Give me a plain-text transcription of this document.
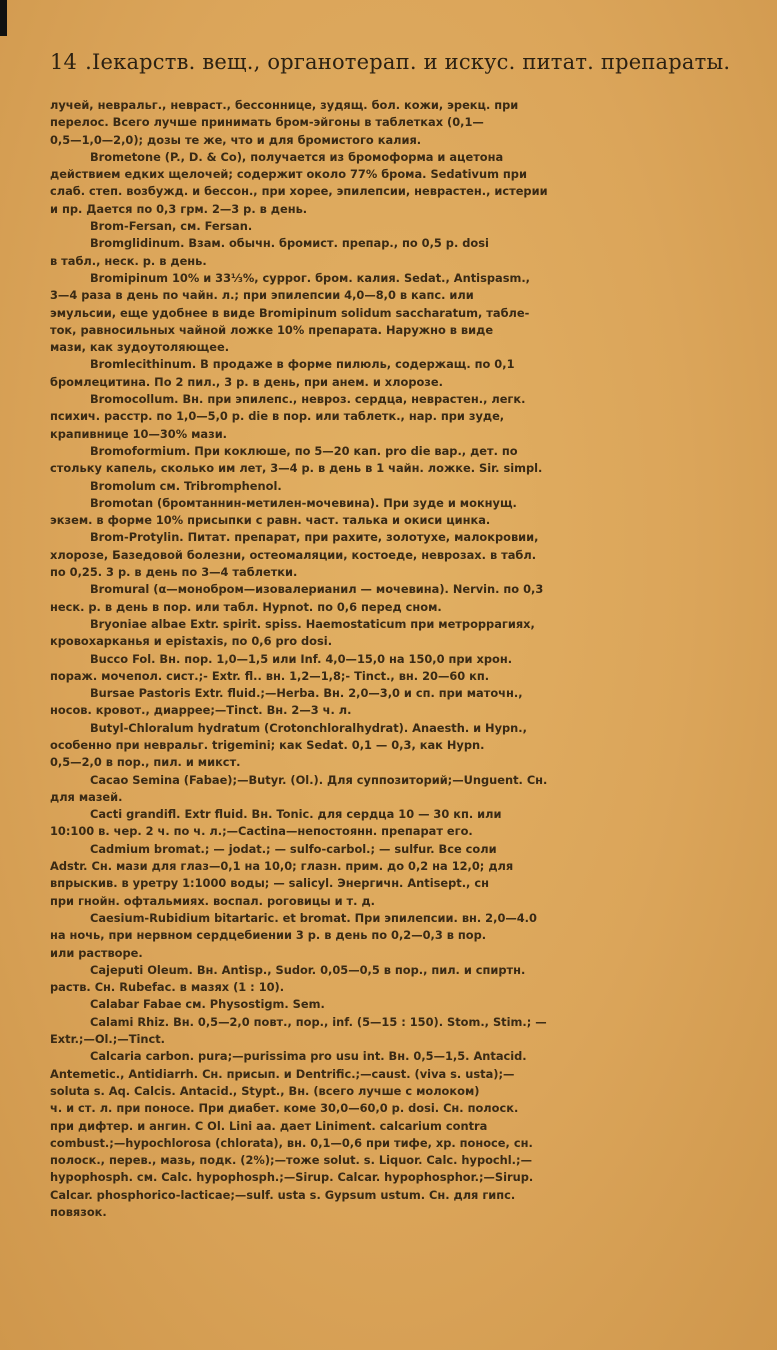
14 .Iекарств. вещ., органотерап. и искус. питат. препараты.
лучей, невральг., неврaст., бессоннице, зудящ. бол. кожи, эрекц. при
перелос. Всего лучше принимать бром-эйгоны в таблетках (0,1—
0,5—1,0—2,0); дозы те же, что и для бромистого калия.
Brometone (P., D. & Co), получается из бромоформа и ацетона
действием едких щелочей; содержит около 77% брома. Sedativum при
слаб. степ. возбужд. и бессон., при хорее, эпилепсии, неврастен., истерии
и пр. Дается по 0,3 грм. 2—3 р. в день.
Brom-Fersan, см. Fersan.
Bromglidinum. Взам. обычн. бромист. препар., по 0,5 р. dosi
в табл., неск. р. в день.
Bromipinum 10% и 33⅓%, суррог. бром. калия. Sedat., Antispasm.,
3—4 раза в день по чайн. л.; при эпилепсии 4,0—8,0 в капс. или
эмульсии, еще удобнее в виде Bromipinum solidum saccharatum, табле-
ток, равносильных чайной ложке 10% препарата. Наружно в виде
мази, как зудоутоляющее.
Bromlecithinum. В продаже в форме пилюль, содержащ. по 0,1
бромлецитина. По 2 пил., 3 р. в день, при анем. и хлорозе.
Bromocollum. Вн. при эпилепс., невроз. сердца, неврастен., легк.
психич. расстр. по 1,0—5,0 р. die в пор. или таблетк., нар. при зуде,
крапивнице 10—30% мази.
Bromoformium. При коклюше, по 5—20 кап. pro die вар., дет. по
стольку капель, сколько им лет, 3—4 р. в день в 1 чайн. ложке. Sir. simpl.
Bromolum см. Tribromphenol.
Bromotan (бромтаннин-метилен-мочевина). При зуде и мокнущ.
экзем. в форме 10% присыпки с равн. част. талька и окиси цинка.
Brom-Protylin. Питат. препарат, при рахите, золотухе, малокровии,
хлорозе, Базедовой болезни, остеомаляции, костоеде, неврозах. в табл.
по 0,25. 3 р. в день по 3—4 таблетки.
Bromural (α—монобром—изовалерианил — мочевина). Nervin. по 0,3
неск. р. в день в пор. или табл. Hypnot. по 0,6 перед сном.
Bryoniae albae Extr. spirit. spiss. Haemostaticum при метроррагиях,
кровохарканья и epistaxis, по 0,6 pro dosi.
Bucco Fol. Вн. пор. 1,0—1,5 или Inf. 4,0—15,0 на 150,0 при хрон.
пораж. мочепол. сист.;- Extr. fl.. вн. 1,2—1,8;- Tinct., вн. 20—60 кп.
Bursae Pastoris Extr. fluid.;—Herba. Вн. 2,0—3,0 и сп. при маточн.,
носов. кровот., диаррее;—Tinct. Вн. 2—3 ч. л.
Butyl-Chloralum hydratum (Crotonchloralhydrat). Anaesth. и Hypn.,
особенно при невральг. trigemini; как Sedat. 0,1 — 0,3, как Hypn.
0,5—2,0 в пор., пил. и микст.
Cacao Semina (Fabae);—Butyr. (Ol.). Для суппозиторий;—Unguent. Сн.
для мазей.
Cacti grandifl. Extr fluid. Вн. Tonic. для сердца 10 — 30 кп. или
10:100 в. чер. 2 ч. по ч. л.;—Cactina—непостоянн. препарат его.
Cadmium bromat.; — jodat.; — sulfo-carbol.; — sulfur. Все соли
Adstr. Сн. мази для глаз—0,1 на 10,0; глазн. прим. до 0,2 на 12,0; для
впрыскив. в уретру 1:1000 воды; — salicyl. Энергичн. Antisept., сн
при гнойн. офтальмиях. воспал. роговицы и т. д.
Caesium-Rubidium bitartaric. et bromat. При эпилепсии. вн. 2,0—4.0
на ночь, при нервном сердцебиении 3 р. в день по 0,2—0,3 в пор.
или растворе.
Cajeputi Oleum. Вн. Antisp., Sudor. 0,05—0,5 в пор., пил. и спиртн.
раств. Сн. Rubefac. в мазях (1 : 10).
Calabar Fabae см. Physostigm. Sem.
Calami Rhiz. Вн. 0,5—2,0 повт., пор., inf. (5—15 : 150). Stom., Stim.; —
Extr.;—Ol.;—Tinct.
Calcaria carbon. pura;—purissima pro usu int. Вн. 0,5—1,5. Antacid.
Antemetic., Antidiarrh. Сн. присып. и Dentrific.;—caust. (viva s. usta);—
soluta s. Aq. Calcis. Antacid., Stypt., Вн. (всего лучше с молоком)
ч. и ст. л. при поносе. При диабет. коме 30,0—60,0 p. dosi. Сн. полоск.
при дифтер. и ангин. С Ol. Lini aa. дает Liniment. calcarium contra
combust.;—hypochlorosa (chlorata), вн. 0,1—0,6 при тифе, хр. поносе, сн.
полоск., перев., мазь, подк. (2%);—тоже solut. s. Liquor. Calc. hypochl.;—
hypophosph. см. Calc. hypophosph.;—Sirup. Calcar. hypophosphor.;—Sirup.
Calcar. phosphorico-lacticae;—sulf. usta s. Gypsum ustum. Сн. для гипс.
повязок.
